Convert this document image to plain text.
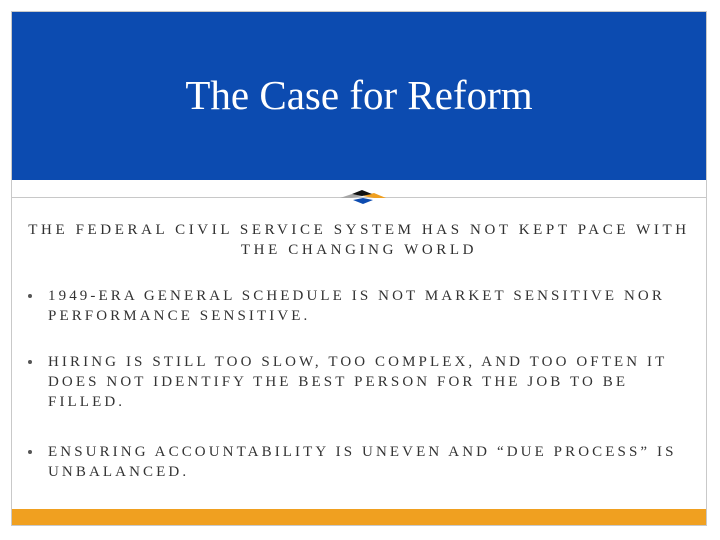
The Case for Reform
THE FEDERAL CIVIL SERVICE SYSTEM HAS NOT KEPT PACE WITH THE CHANGING WORLD
1949-ERA GENERAL SCHEDULE IS NOT MARKET SENSITIVE NOR PERFORMANCE SENSITIVE.
HIRING IS STILL TOO SLOW, TOO COMPLEX, AND TOO OFTEN IT DOES NOT IDENTIFY THE BEST PERSON FOR THE JOB TO BE FILLED.
ENSURING ACCOUNTABILITY IS UNEVEN AND “DUE PROCESS” IS UNBALANCED.
